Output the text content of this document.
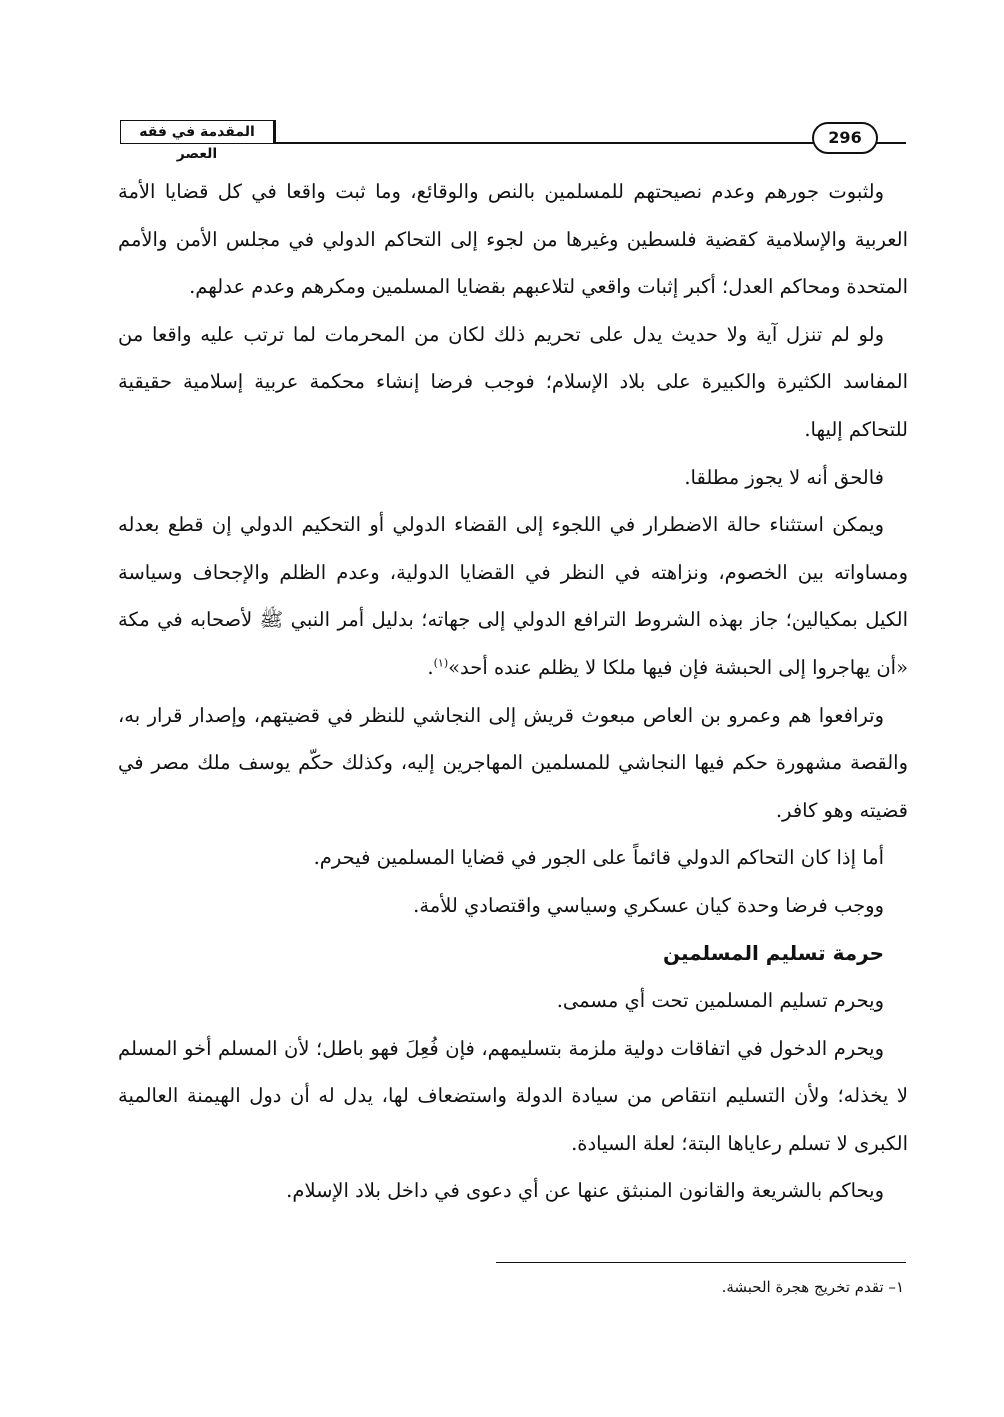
المقدمة في فقه العصر
296

ولثبوت جورهم وعدم نصيحتهم للمسلمين بالنص والوقائع، وما ثبت واقعا في كل قضايا الأمة العربية والإسلامية كقضية فلسطين وغيرها من لجوء إلى التحاكم الدولي في مجلس الأمن والأمم المتحدة ومحاكم العدل؛ أكبر إثبات واقعي لتلاعبهم بقضايا المسلمين ومكرهم وعدم عدلهم.

ولو لم تنزل آية ولا حديث يدل على تحريم ذلك لكان من المحرمات لما ترتب عليه واقعا من المفاسد الكثيرة والكبيرة على بلاد الإسلام؛ فوجب فرضا إنشاء محكمة عربية إسلامية حقيقية للتحاكم إليها.

فالحق أنه لا يجوز مطلقا.

ويمكن استثناء حالة الاضطرار في اللجوء إلى القضاء الدولي أو التحكيم الدولي إن قطع بعدله ومساواته بين الخصوم، ونزاهته في النظر في القضايا الدولية، وعدم الظلم والإجحاف وسياسة الكيل بمكيالين؛ جاز بهذه الشروط الترافع الدولي إلى جهاته؛ بدليل أمر النبي ﷺ لأصحابه في مكة «أن يهاجروا إلى الحبشة فإن فيها ملكا لا يظلم عنده أحد»$^{(١)}$.

وترافعوا هم وعمرو بن العاص مبعوث قريش إلى النجاشي للنظر في قضيتهم، وإصدار قرار به، والقصة مشهورة حكم فيها النجاشي للمسلمين المهاجرين إليه، وكذلك حكّم يوسف ملك مصر في قضيته وهو كافر.

أما إذا كان التحاكم الدولي قائماً على الجور في قضايا المسلمين فيحرم.

ووجب فرضا وحدة كيان عسكري وسياسي واقتصادي للأمة.

حرمة تسليم المسلمين

ويحرم تسليم المسلمين تحت أي مسمى.

ويحرم الدخول في اتفاقات دولية ملزمة بتسليمهم، فإن فُعِلَ فهو باطل؛ لأن المسلم أخو المسلم لا يخذله؛ ولأن التسليم انتقاص من سيادة الدولة واستضعاف لها، يدل له أن دول الهيمنة العالمية الكبرى لا تسلم رعاياها البتة؛ لعلة السيادة.

ويحاكم بالشريعة والقانون المنبثق عنها عن أي دعوى في داخل بلاد الإسلام.

١– تقدم تخريج هجرة الحبشة.
